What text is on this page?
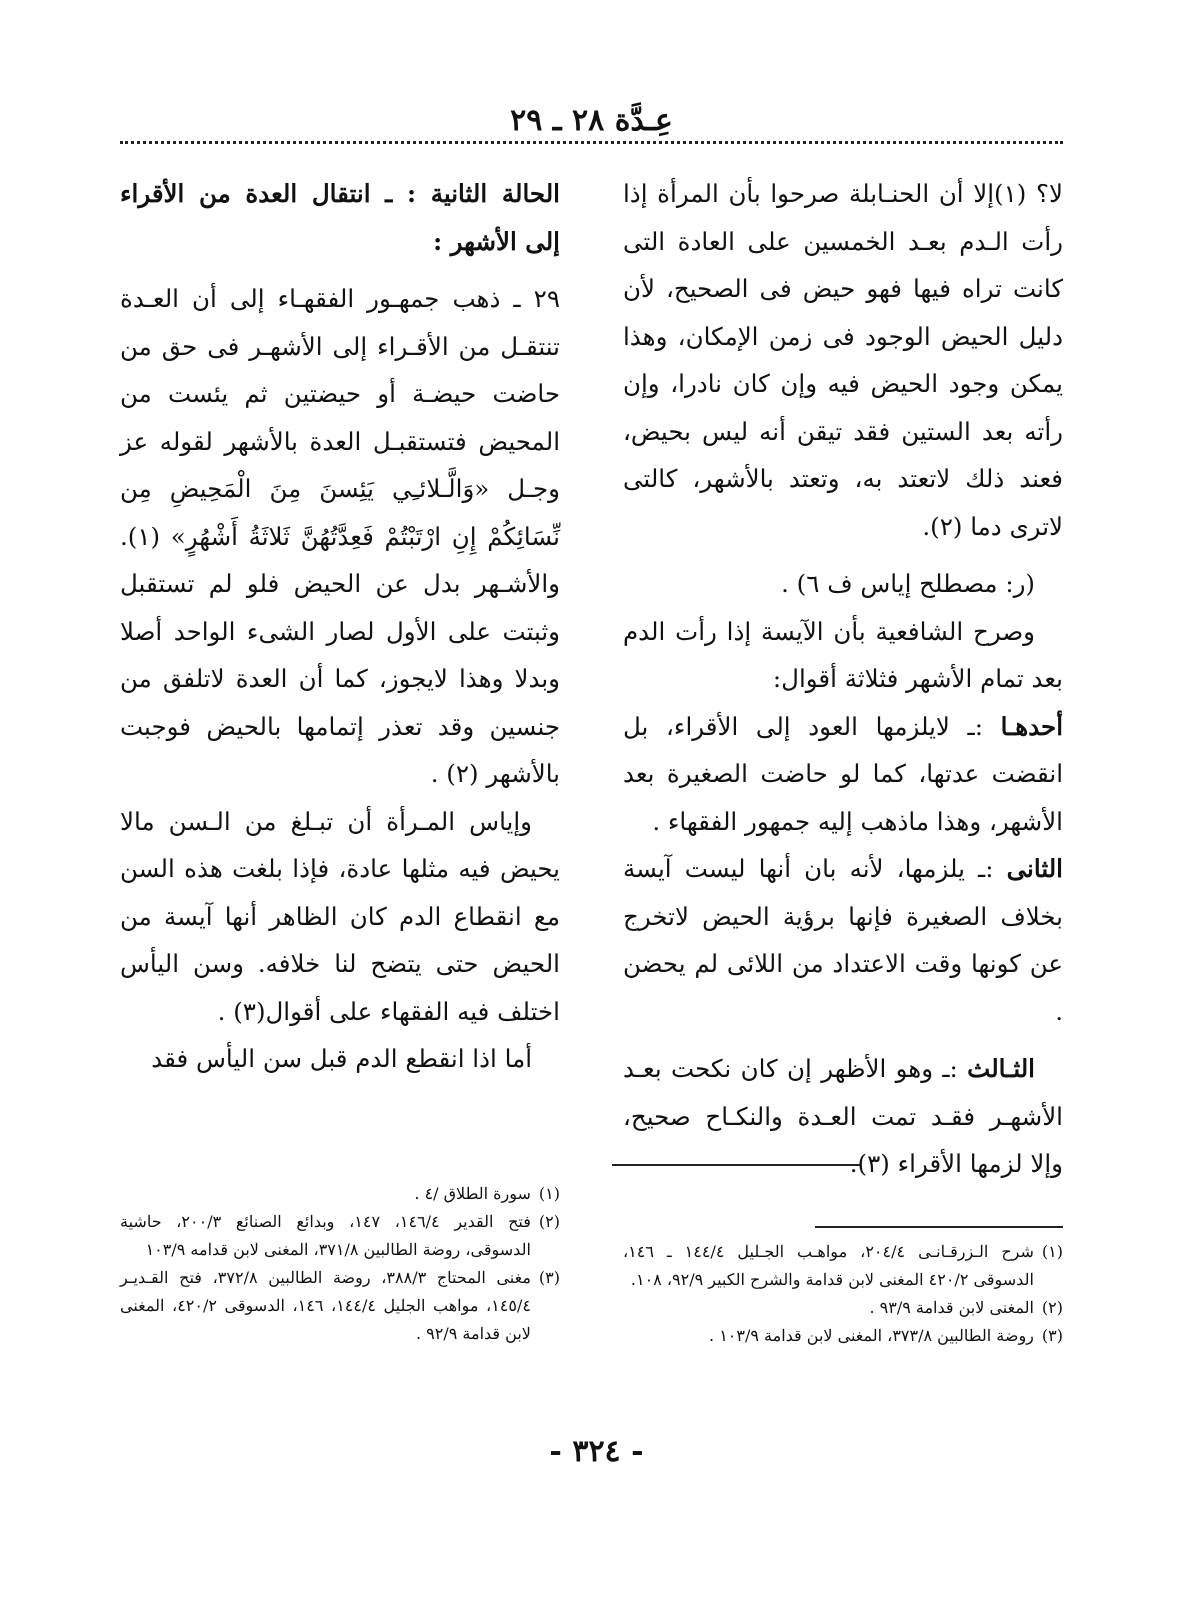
عِـدَّة ٢٨ ـ ٢٩

لا؟ (١)إلا أن الحنـابلة صرحوا بأن المرأة إذا رأت الـدم بعـد الخمسين على العادة التى كانت تراه فيها فهو حيض فى الصحيح، لأن دليل الحيض الوجود فى زمن الإمكان، وهذا يمكن وجود الحيض فيه وإن كان نادرا، وإن رأته بعد الستين فقد تيقن أنه ليس بحيض، فعند ذلك لاتعتد به، وتعتد بالأشهر، كالتى لاترى دما (٢).

(ر: مصطلح إياس ف ٦) .

وصرح الشافعية بأن الآيسة إذا رأت الدم بعد تمام الأشهر فثلاثة أقوال:

أحدهـا :ـ لايلزمها العود إلى الأقراء، بل انقضت عدتها، كما لو حاضت الصغيرة بعد الأشهر، وهذا ماذهب إليه جمهور الفقهاء .

الثانى :ـ يلزمها، لأنه بان أنها ليست آيسة بخلاف الصغيرة فإنها برؤية الحيض لاتخرج عن كونها وقت الاعتداد من اللائى لم يحضن .

الثـالث :ـ وهو الأظهر إن كان نكحت بعـد الأشهـر فقـد تمت العـدة والنكـاح صحيح، وإلا لزمها الأقراء (٣).

الحالة الثانية : ـ انتقال العدة من الأقراء إلى الأشهر :

٢٩ ـ ذهب جمهـور الفقهـاء إلى أن العـدة تنتقـل من الأقـراء إلى الأشهـر فى حق من حاضت حيضـة أو حيضتين ثم يئست من المحيض فتستقبـل العدة بالأشهر لقوله عز وجـل «وَالَّـلائـِي يَئِسنَ مِنَ الْمَحِيضِ مِن نِّسَائِكُمْ إِنِ ارْتَبْتُمْ فَعِدَّتُهُنَّ ثَلاثَةُ أَشْهُرٍ» (١). والأشـهر بدل عن الحيض فلو لم تستقبل وثبتت على الأول لصار الشىء الواحد أصلا وبدلا وهذا لايجوز، كما أن العدة لاتلفق من جنسين وقد تعذر إتمامها بالحيض فوجبت بالأشهر (٢) .

وإياس المـرأة أن تبـلغ من الـسن مالا يحيض فيه مثلها عادة، فإذا بلغت هذه السن مع انقطاع الدم كان الظاهر أنها آيسة من الحيض حتى يتضح لنا خلافه. وسن اليأس اختلف فيه الفقهاء على أقوال(٣) .

أما اذا انقطع الدم قبل سن اليأس فقد

(١)
شرح الـزرقـانـى ٢٠٤/٤، مواهـب الجـليل ١٤٤/٤ ـ ١٤٦، الدسوقى ٤٢٠/٢ المغنى لابن قدامة والشرح الكبير ٩٢/٩، ١٠٨.
(٢)
المغنى لابن قدامة ٩٣/٩ .
(٣)
روضة الطالبين ٣٧٣/٨، المغنى لابن قدامة ١٠٣/٩ .
(١)
سورة الطلاق /٤ .
(٢)
فتح القدير ١٤٦/٤، ١٤٧، وبدائع الصنائع ٢٠٠/٣، حاشية الدسوقى، روضة الطالبين ٣٧١/٨، المغنى لابن قدامه ١٠٣/٩
(٣)
مغنى المحتاج ٣٨٨/٣، روضة الطالبين ٣٧٢/٨، فتح القـديـر ١٤٥/٤، مواهب الجليل ١٤٤/٤، ١٤٦، الدسوقى ٤٢٠/٢، المغنى لابن قدامة ٩٢/٩ .
- ٣٢٤ -
